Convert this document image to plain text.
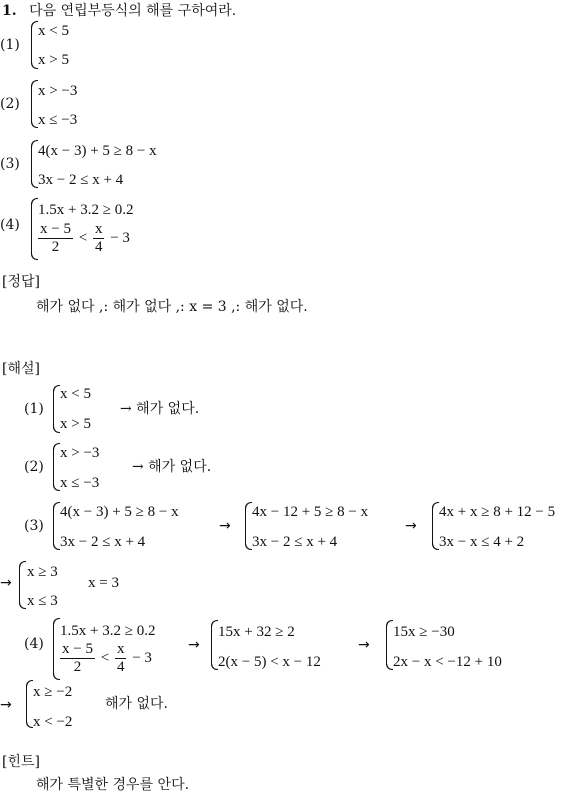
1. 다음 연립부등식의 해를 구하여라.
(1)
x < 5
x > 5
(2)
x > −3
x ≤ −3
(3)
4(x − 3) + 5 ≥ 8 − x
3x − 2 ≤ x + 4
(4)
1.5x + 3.2 ≥ 0.2
$\frac{x - 5}{2} < \frac{x}{4} - 3$
[정답]
해가 없다 ,: 해가 없다 ,: x = 3 ,: 해가 없다.
[해설]
(1)
x < 5
x > 5
→ 해가 없다.
(2)
x > −3
x ≤ −3
→ 해가 없다.
(3)
4(x − 3) + 5 ≥ 8 − x
3x − 2 ≤ x + 4
→
4x − 12 + 5 ≥ 8 − x
3x − 2 ≤ x + 4
→
4x + x ≥ 8 + 12 − 5
3x − x ≤ 4 + 2
→
x ≥ 3
x ≤ 3
x = 3
(4)
1.5x + 3.2 ≥ 0.2
$\frac{x - 5}{2} < \frac{x}{4} - 3$
→
15x + 32 ≥ 2
2(x − 5) < x − 12
→
15x ≥ −30
2x − x < −12 + 10
→
x ≥ −2
x < −2
해가 없다.
[힌트]
해가 특별한 경우를 안다.
